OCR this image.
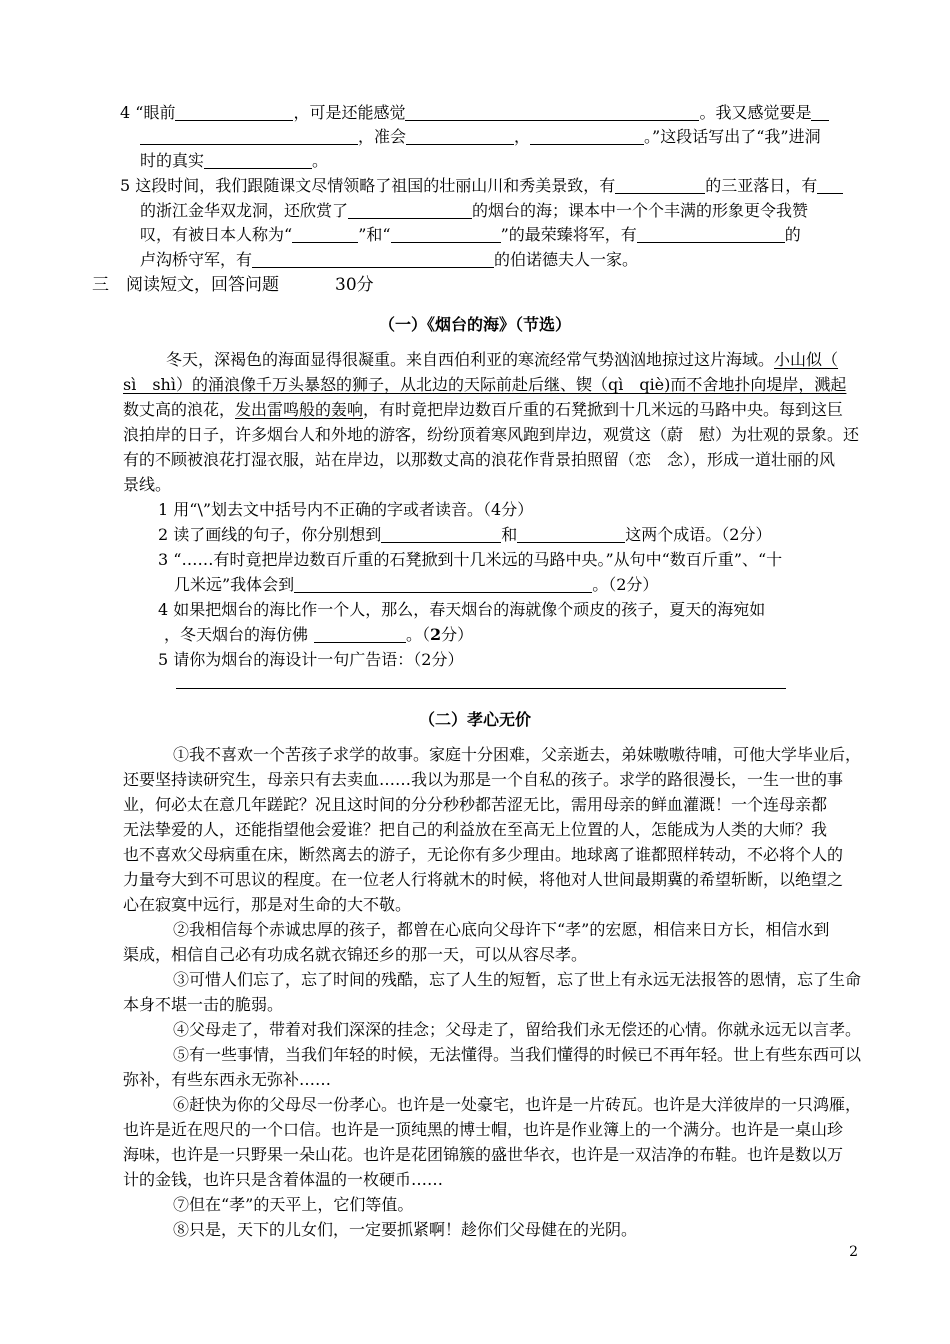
4 “眼前	，可是还能感觉	。我又感觉要是
，准会	，	。”这段话写出了“我”进洞
时的真实	。
5 这段时间，我们跟随课文尽情领略了祖国的壮丽山川和秀美景致，有	的三亚落日，有
的浙江金华双龙洞，还欣赏了	的烟台的海；课本中一个个丰满的形象更令我赞
叹，有被日本人称为“	”和“	”的最荣臻将军，有	的
卢沟桥守军，有	的伯诺德夫人一家。
三　阅读短文，回答问题	30分
（一）《烟台的海》（节选）
冬天，深褐色的海面显得很凝重。来自西伯利亚的寒流经常气势汹汹地掠过这片海域。小山似（
sì　shì）的涌浪像千万头暴怒的狮子，从北边的天际前赴后继、锲（qì　qiè)而不舍地扑向堤岸，溅起
数丈高的浪花，发出雷鸣般的轰响，有时竟把岸边数百斤重的石凳掀到十几米远的马路中央。每到这巨
浪拍岸的日子，许多烟台人和外地的游客，纷纷顶着寒风跑到岸边，观赏这（蔚　慰）为壮观的景象。还
有的不顾被浪花打湿衣服，站在岸边，以那数丈高的浪花作背景拍照留（恋　念），形成一道壮丽的风
景线。
1 用“\”划去文中括号内不正确的字或者读音。（4分）
2 读了画线的句子，你分别想到	和	这两个成语。（2分）
3 “……有时竟把岸边数百斤重的石凳掀到十几米远的马路中央。”从句中“数百斤重”、“十
几米远”我体会到	。（2分）
4 如果把烟台的海比作一个人，那么，春天烟台的海就像个顽皮的孩子，夏天的海宛如
，冬天烟台的海仿佛	。（2分）
5 请你为烟台的海设计一句广告语：（2分）
（二）孝心无价
①我不喜欢一个苦孩子求学的故事。家庭十分困难，父亲逝去，弟妹嗷嗷待哺，可他大学毕业后，
还要坚持读研究生，母亲只有去卖血……我以为那是一个自私的孩子。求学的路很漫长，一生一世的事
业，何必太在意几年蹉跎？况且这时间的分分秒秒都苦涩无比，需用母亲的鲜血灌溉！一个连母亲都
无法挚爱的人，还能指望他会爱谁？把自己的利益放在至高无上位置的人，怎能成为人类的大师？我
也不喜欢父母病重在床，断然离去的游子，无论你有多少理由。地球离了谁都照样转动，不必将个人的
力量夸大到不可思议的程度。在一位老人行将就木的时候，将他对人世间最期冀的希望斩断，以绝望之
心在寂寞中远行，那是对生命的大不敬。
②我相信每个赤诚忠厚的孩子，都曾在心底向父母许下“孝”的宏愿，相信来日方长，相信水到
渠成，相信自己必有功成名就衣锦还乡的那一天，可以从容尽孝。
③可惜人们忘了，忘了时间的残酷，忘了人生的短暂，忘了世上有永远无法报答的恩情，忘了生命
本身不堪一击的脆弱。
④父母走了，带着对我们深深的挂念；父母走了，留给我们永无偿还的心情。你就永远无以言孝。
⑤有一些事情，当我们年轻的时候，无法懂得。当我们懂得的时候已不再年轻。世上有些东西可以
弥补，有些东西永无弥补……
⑥赶快为你的父母尽一份孝心。也许是一处豪宅，也许是一片砖瓦。也许是大洋彼岸的一只鸿雁，
也许是近在咫尺的一个口信。也许是一顶纯黑的博士帽，也许是作业簿上的一个满分。也许是一桌山珍
海味，也许是一只野果一朵山花。也许是花团锦簇的盛世华衣，也许是一双洁净的布鞋。也许是数以万
计的金钱，也许只是含着体温的一枚硬币……
⑦但在“孝”的天平上，它们等值。
⑧只是，天下的儿女们，一定要抓紧啊！趁你们父母健在的光阴。
2
